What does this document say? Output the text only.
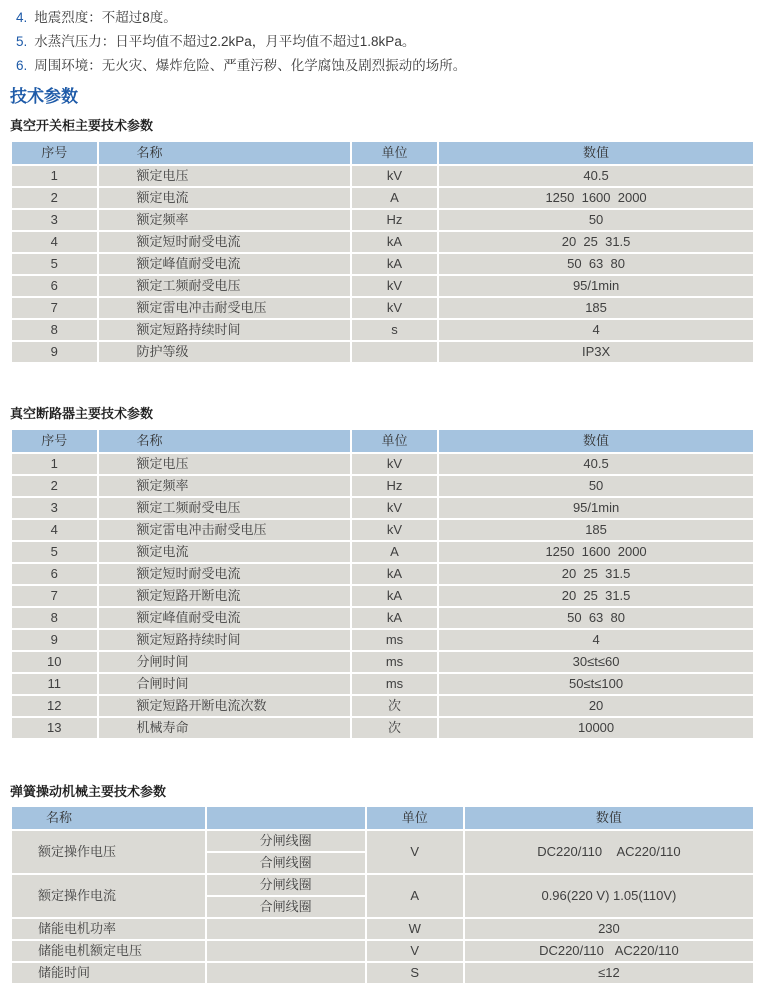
4. 地震烈度：不超过8度。
5. 水蒸汽压力：日平均值不超过2.2kPa，月平均值不超过1.8kPa。
6. 周围环境：无火灾、爆炸危险、严重污秽、化学腐蚀及剧烈振动的场所。
技术参数
真空开关柜主要技术参数
序号	名称	单位	数值
1	额定电压	kV	40.5
2	额定电流	A	1250  1600  2000
3	额定频率	Hz	50
4	额定短时耐受电流	kA	20  25  31.5
5	额定峰值耐受电流	kA	50  63  80
6	额定工频耐受电压	kV	95/1min
7	额定雷电冲击耐受电压	kV	185
8	额定短路持续时间	s	4
9	防护等级		IP3X
真空断路器主要技术参数
序号	名称	单位	数值
1	额定电压	kV	40.5
2	额定频率	Hz	50
3	额定工频耐受电压	kV	95/1min
4	额定雷电冲击耐受电压	kV	185
5	额定电流	A	1250  1600  2000
6	额定短时耐受电流	kA	20  25  31.5
7	额定短路开断电流	kA	20  25  31.5
8	额定峰值耐受电流	kA	50  63  80
9	额定短路持续时间	ms	4
10	分闸时间	ms	30≤t≤60
11	合闸时间	ms	50≤t≤100
12	额定短路开断电流次数	次	20
13	机械寿命	次	10000
弹簧操动机械主要技术参数
名称		单位	数值
额定操作电压	分闸线圈	V	DC220/110    AC220/110
	合闸线圈		
额定操作电流	分闸线圈	A	0.96(220 V) 1.05(110V)
	合闸线圈		
储能电机功率		W	230
储能电机额定电压		V	DC220/110   AC220/110
储能时间		S	≤12
